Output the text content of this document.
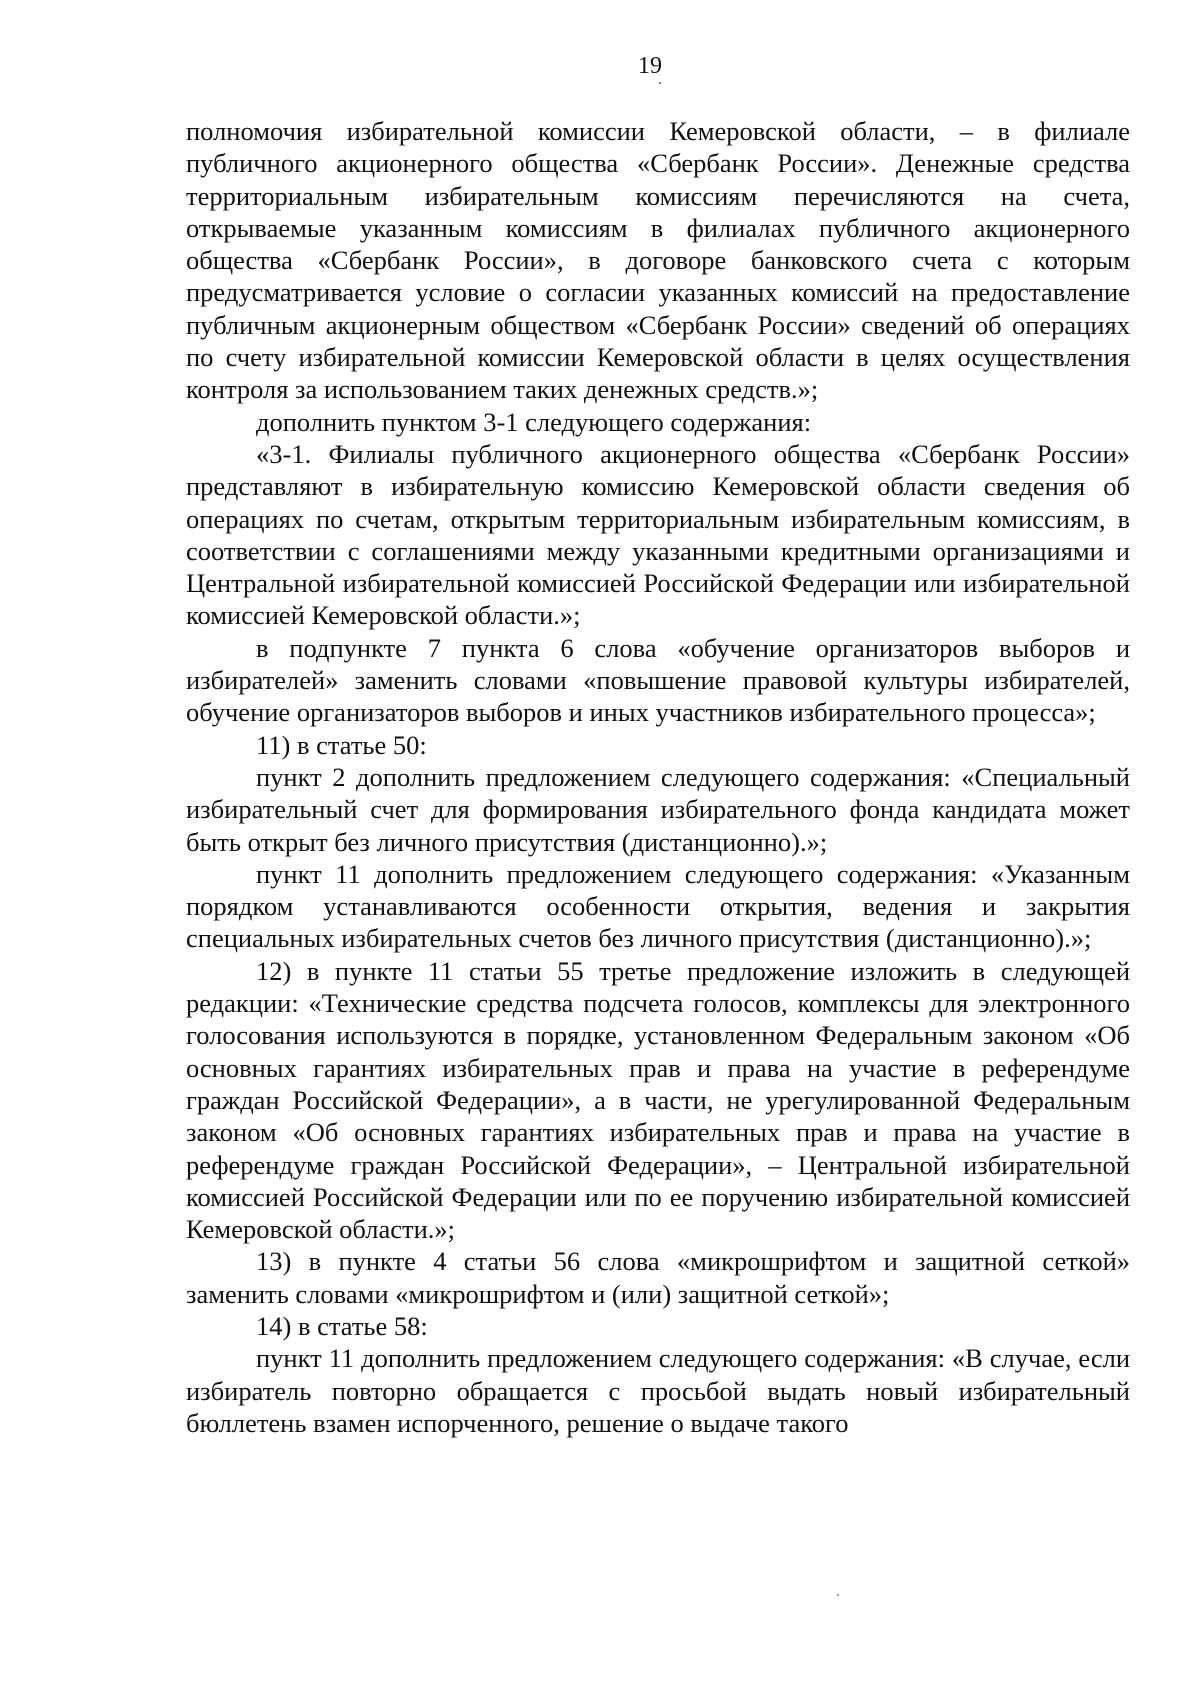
19

полномочия избирательной комиссии Кемеровской области, – в филиале публичного акционерного общества «Сбербанк России». Денежные средства территориальным избирательным комиссиям перечисляются на счета, открываемые указанным комиссиям в филиалах публичного акционерного общества «Сбербанк России», в договоре банковского счета с которым предусматривается условие о согласии указанных комиссий на предоставление публичным акционерным обществом «Сбербанк России» сведений об операциях по счету избирательной комиссии Кемеровской области в целях осуществления контроля за использованием таких денежных средств.»;

дополнить пунктом 3-1 следующего содержания:

«3-1. Филиалы публичного акционерного общества «Сбербанк России» представляют в избирательную комиссию Кемеровской области сведения об операциях по счетам, открытым территориальным избирательным комиссиям, в соответствии с соглашениями между указанными кредитными организациями и Центральной избирательной комиссией Российской Федерации или избирательной комиссией Кемеровской области.»;

в подпункте 7 пункта 6 слова «обучение организаторов выборов и избирателей» заменить словами «повышение правовой культуры избирателей, обучение организаторов выборов и иных участников избирательного процесса»;

11) в статье 50:

пункт 2 дополнить предложением следующего содержания: «Специальный избирательный счет для формирования избирательного фонда кандидата может быть открыт без личного присутствия (дистанционно).»;

пункт 11 дополнить предложением следующего содержания: «Указанным порядком устанавливаются особенности открытия, ведения и закрытия специальных избирательных счетов без личного присутствия (дистанционно).»;

12) в пункте 11 статьи 55 третье предложение изложить в следующей редакции: «Технические средства подсчета голосов, комплексы для электронного голосования используются в порядке, установленном Федеральным законом «Об основных гарантиях избирательных прав и права на участие в референдуме граждан Российской Федерации», а в части, не урегулированной Федеральным законом «Об основных гарантиях избирательных прав и права на участие в референдуме граждан Российской Федерации», – Центральной избирательной комиссией Российской Федерации или по ее поручению избирательной комиссией Кемеровской области.»;

13) в пункте 4 статьи 56 слова «микрошрифтом и защитной сеткой» заменить словами «микрошрифтом и (или) защитной сеткой»;

14) в статье 58:

пункт 11 дополнить предложением следующего содержания: «В случае, если избиратель повторно обращается с просьбой выдать новый избирательный бюллетень взамен испорченного, решение о выдаче такого
